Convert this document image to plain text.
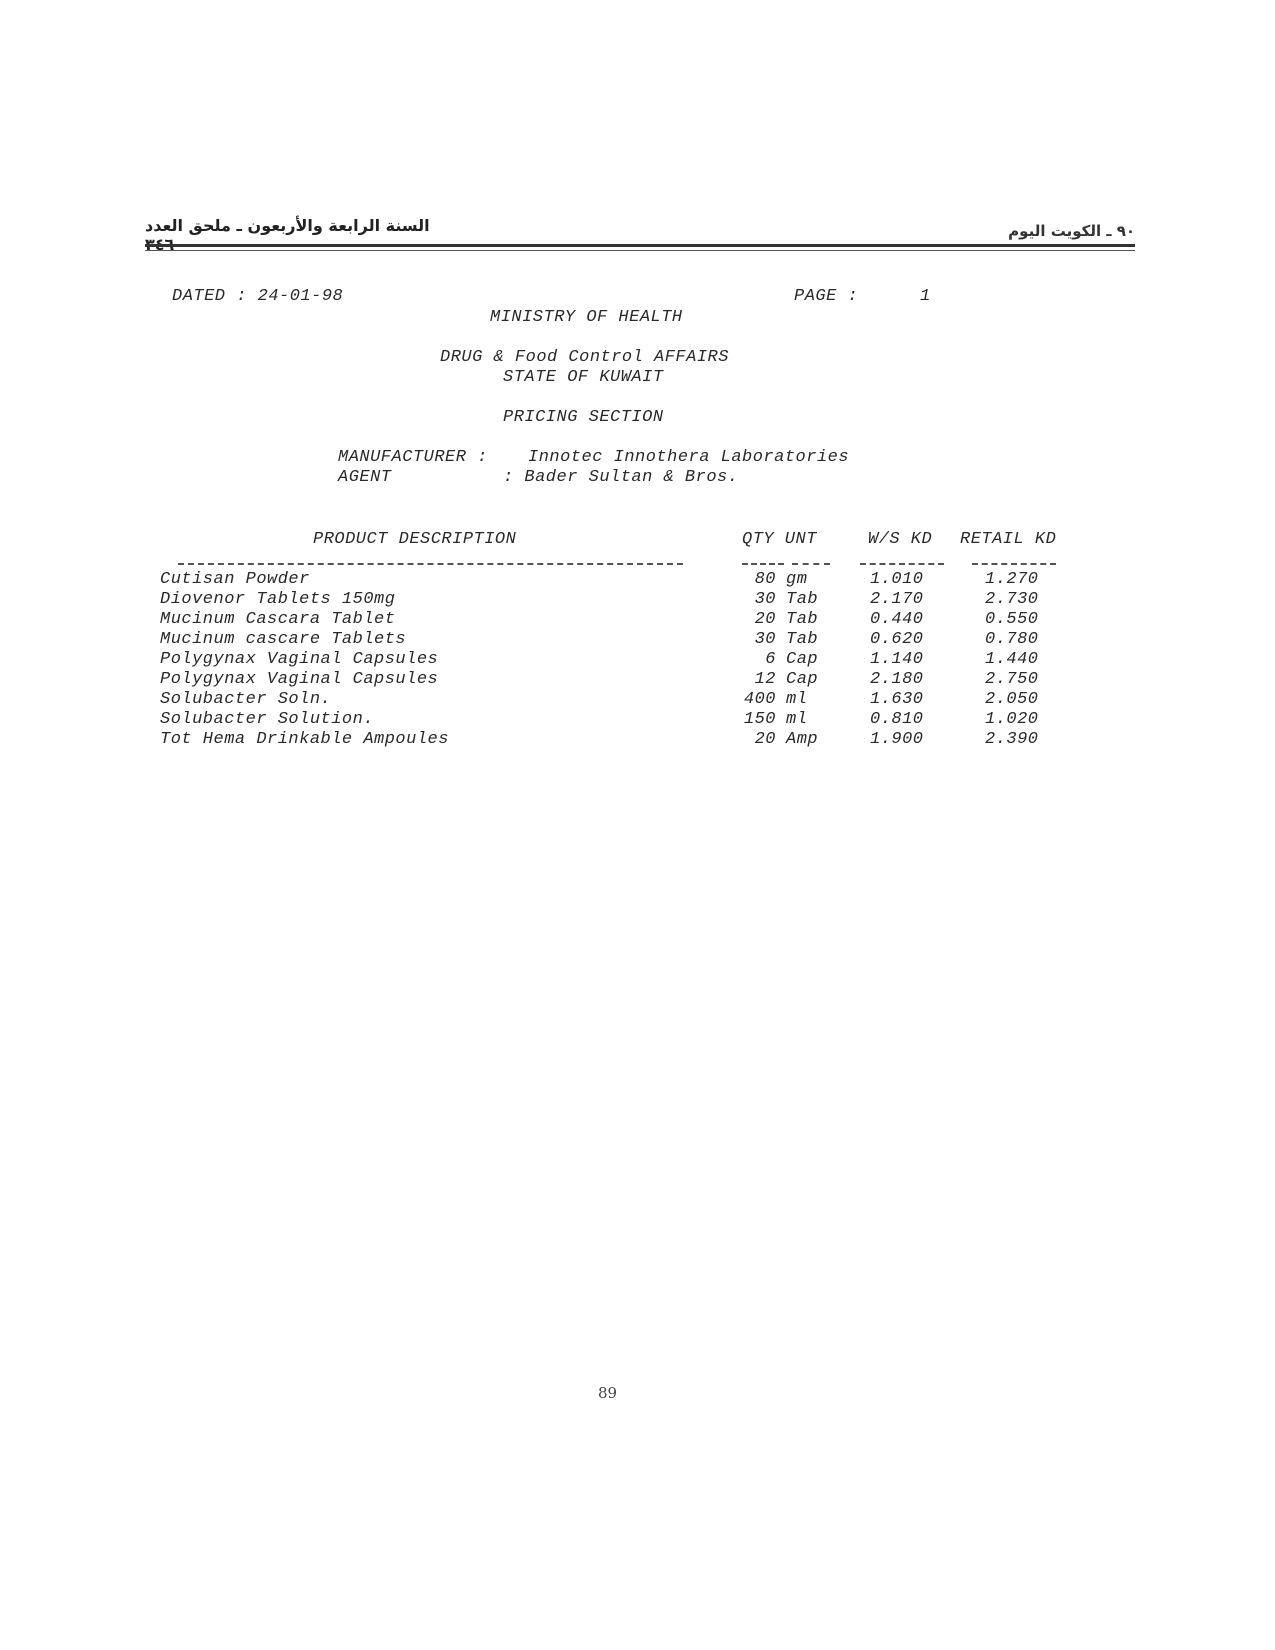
السنة الرابعة والأربعون ـ ملحق العدد	٩٠ ـ الكويت اليوم
DATED : 24-01-98	PAGE :	1
MINISTRY OF HEALTH
DRUG & Food Control AFFAIRS
STATE OF KUWAIT
PRICING SECTION
MANUFACTURER : Innotec Innothera Laboratories
AGENT	: Bader Sultan & Bros.
PRODUCT DESCRIPTION	QTY UNT	W/S KD RETAIL KD
Cutisan Powder	80 gm	1.010	1.270
Diovenor Tablets 150mg	30 Tab	2.170	2.730
Mucinum Cascara Tablet	20 Tab	0.440	0.550
Mucinum cascare Tablets	30 Tab	0.620	0.780
Polygynax Vaginal Capsules	6 Cap	1.140	1.440
Polygynax Vaginal Capsules	12 Cap	2.180	2.750
Solubacter Soln.	400 ml	1.630	2.050
Solubacter Solution.	150 ml	0.810	1.020
Tot Hema Drinkable Ampoules	20 Amp	1.900	2.390
89
